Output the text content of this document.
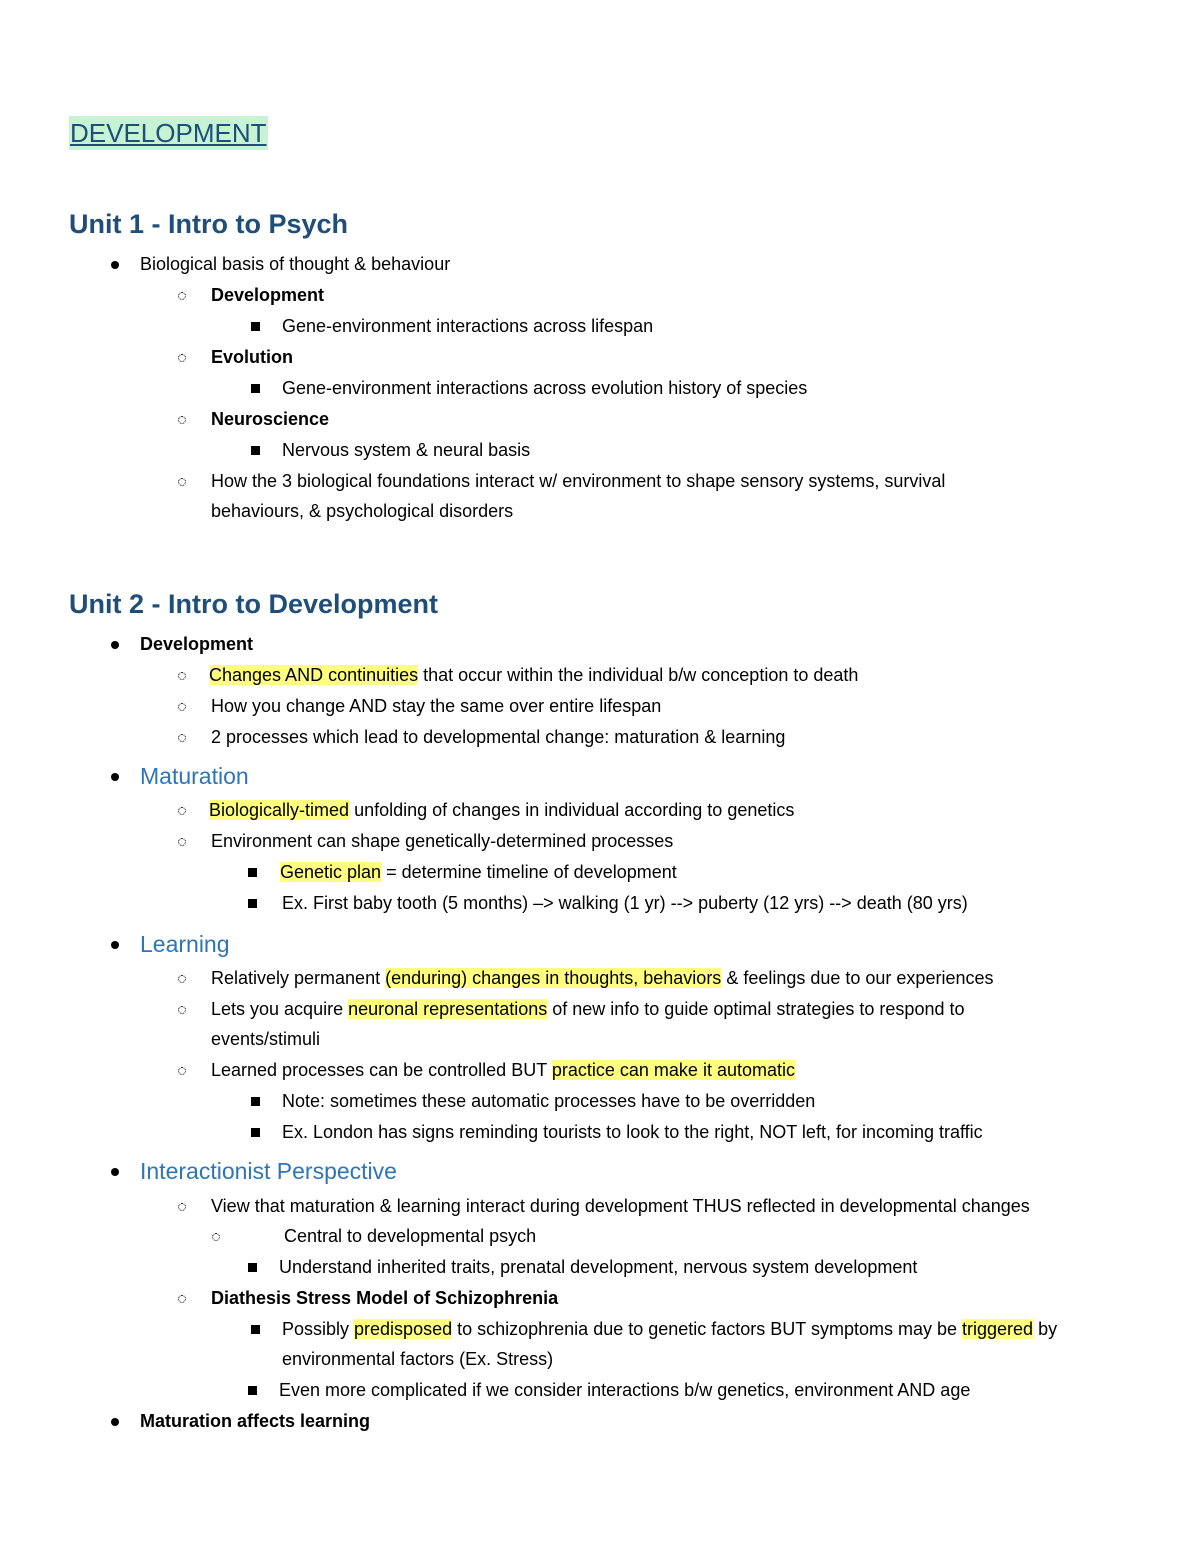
DEVELOPMENT
Unit 1 - Intro to Psych
Biological basis of thought & behaviour
Development
Gene-environment interactions across lifespan
Evolution
Gene-environment interactions across evolution history of species
Neuroscience
Nervous system & neural basis
How the 3 biological foundations interact w/ environment to shape sensory systems, survival
behaviours, & psychological disorders
Unit 2 - Intro to Development
Development
Changes AND continuities that occur within the individual b/w conception to death
How you change AND stay the same over entire lifespan
2 processes which lead to developmental change: maturation & learning
Maturation
Biologically-timed unfolding of changes in individual according to genetics
Environment can shape genetically-determined processes
Genetic plan = determine timeline of development
Ex. First baby tooth (5 months) –> walking (1 yr) --> puberty (12 yrs) --> death (80 yrs)
Learning
Relatively permanent (enduring) changes in thoughts, behaviors & feelings due to our experiences
Lets you acquire neuronal representations of new info to guide optimal strategies to respond to
events/stimuli
Learned processes can be controlled BUT practice can make it automatic
Note: sometimes these automatic processes have to be overridden
Ex. London has signs reminding tourists to look to the right, NOT left, for incoming traffic
Interactionist Perspective
View that maturation & learning interact during development THUS reflected in developmental changes
Central to developmental psych
Understand inherited traits, prenatal development, nervous system development
Diathesis Stress Model of Schizophrenia
Possibly predisposed to schizophrenia due to genetic factors BUT symptoms may be triggered by
environmental factors (Ex. Stress)
Even more complicated if we consider interactions b/w genetics, environment AND age
Maturation affects learning
